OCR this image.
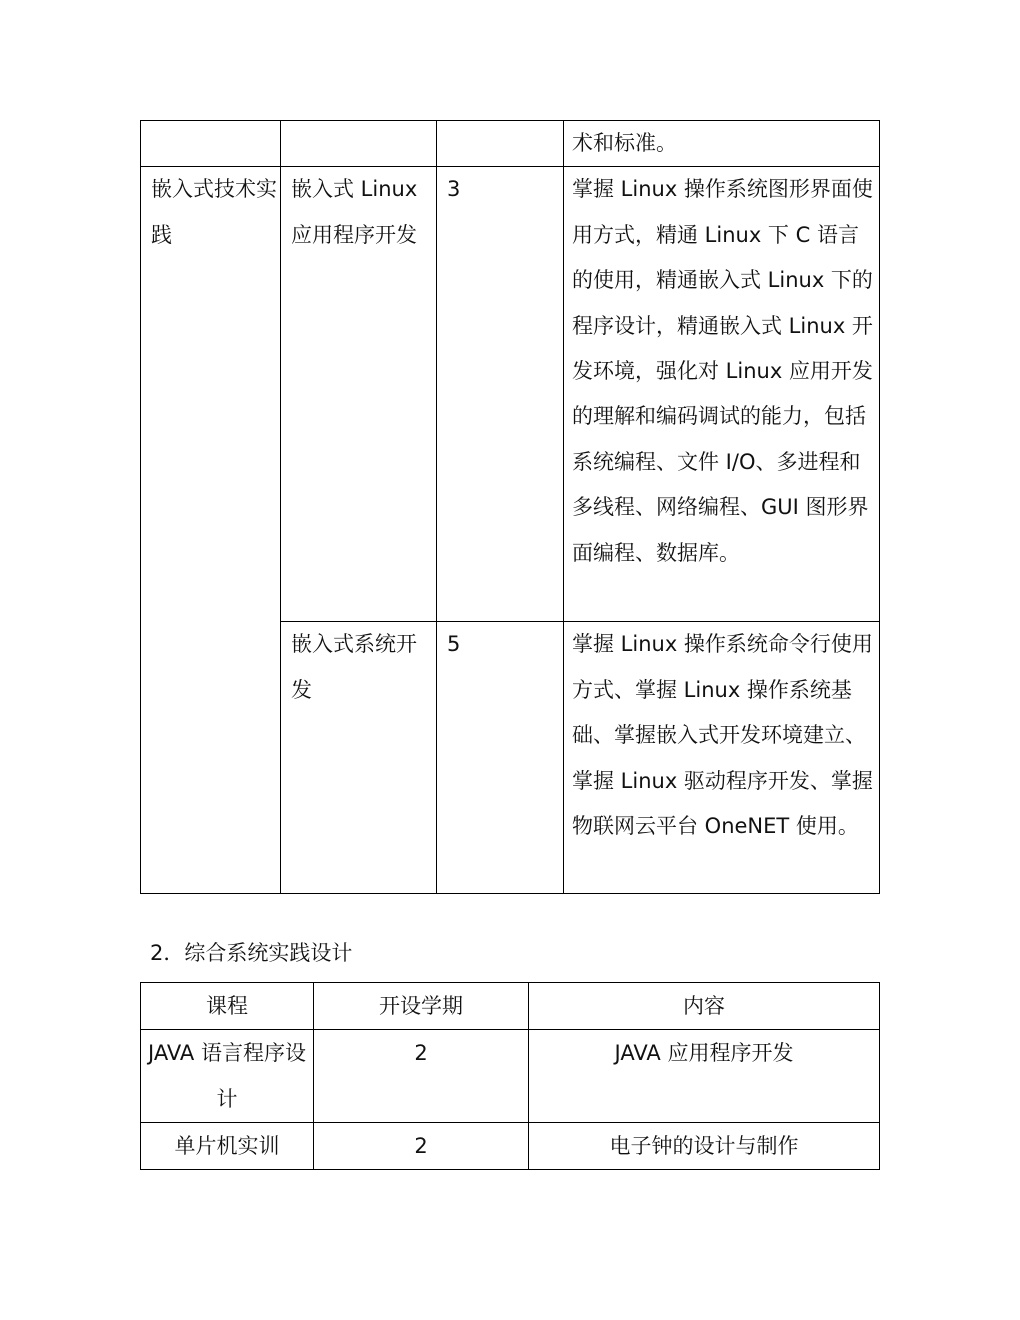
			术和标准。
嵌入式技术实践	嵌入式 Linux 应用程序开发	3	掌握 Linux 操作系统图形界面使用方式，精通 Linux 下 C 语言的使用，精通嵌入式 Linux 下的程序设计，精通嵌入式 Linux 开发环境，强化对 Linux 应用开发的理解和编码调试的能力，包括系统编程、文件 I/O、多进程和多线程、网络编程、GUI 图形界面编程、数据库。
	嵌入式系统开发	5	掌握 Linux 操作系统命令行使用方式、掌握 Linux 操作系统基础、掌握嵌入式开发环境建立、掌握 Linux 驱动程序开发、掌握物联网云平台 OneNET 使用。
2．综合系统实践设计
课程	开设学期	内容
JAVA 语言程序设计	2	JAVA 应用程序开发
单片机实训	2	电子钟的设计与制作
